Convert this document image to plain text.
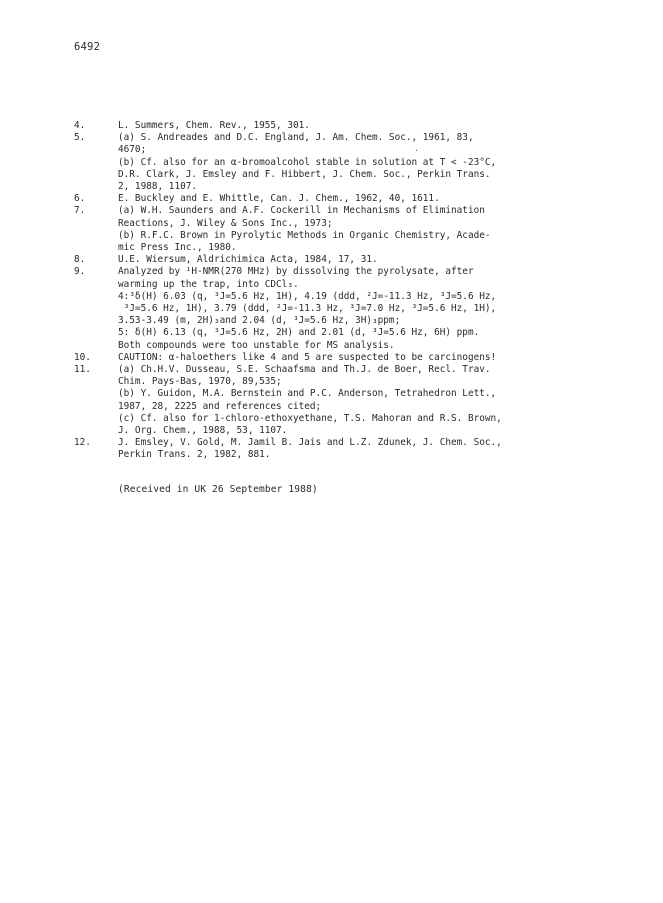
6492
·
4.	L. Summers, Chem. Rev., 1955, 301.
5.	(a) S. Andreades and D.C. England, J. Am. Chem. Soc., 1961, 83,
4670;
(b) Cf. also for an α-bromoalcohol stable in solution at T < -23°C,
D.R. Clark, J. Emsley and F. Hibbert, J. Chem. Soc., Perkin Trans.
2, 1988, 1107.
6.	E. Buckley and E. Whittle, Can. J. Chem., 1962, 40, 1611.
7.	(a) W.H. Saunders and A.F. Cockerill in Mechanisms of Elimination
Reactions, J. Wiley & Sons Inc., 1973;
(b) R.F.C. Brown in Pyrolytic Methods in Organic Chemistry, Acade-
mic Press Inc., 1980.
8.	U.E. Wiersum, Aldrichimica Acta, 1984, 17, 31.
9.	Analyzed by ¹H-NMR(270 MHz) by dissolving the pyrolysate, after
warming up the trap, into CDCl₃.
4:³δ(H) 6.03 (q, ³J=5.6 Hz, 1H), 4.19 (ddd, ²J=-11.3 Hz, ³J=5.6 Hz,
³J=5.6 Hz, 1H), 3.79 (ddd, ²J=-11.3 Hz, ³J=7.0 Hz, ³J=5.6 Hz, 1H),
3.53-3.49 (m, 2H)₃and 2.04 (d, ³J=5.6 Hz, 3H)₃ppm;
5: δ(H) 6.13 (q, ³J=5.6 Hz, 2H) and 2.01 (d, ³J=5.6 Hz, 6H) ppm.
Both compounds were too unstable for MS analysis.
10.	CAUTION: α-haloethers like 4 and 5 are suspected to be carcinogens!
11.	(a) Ch.H.V. Dusseau, S.E. Schaafsma and Th.J. de Boer, Recl. Trav.
Chim. Pays-Bas, 1970, 89,535;
(b) Y. Guidon, M.A. Bernstein and P.C. Anderson, Tetrahedron Lett.,
1987, 28, 2225 and references cited;
(c) Cf. also for 1-chloro-ethoxyethane, T.S. Mahoran and R.S. Brown,
J. Org. Chem., 1988, 53, 1107.
12.	J. Emsley, V. Gold, M. Jamil B. Jais and L.Z. Zdunek, J. Chem. Soc.,
Perkin Trans. 2, 1982, 881.
(Received in UK 26 September 1988)
